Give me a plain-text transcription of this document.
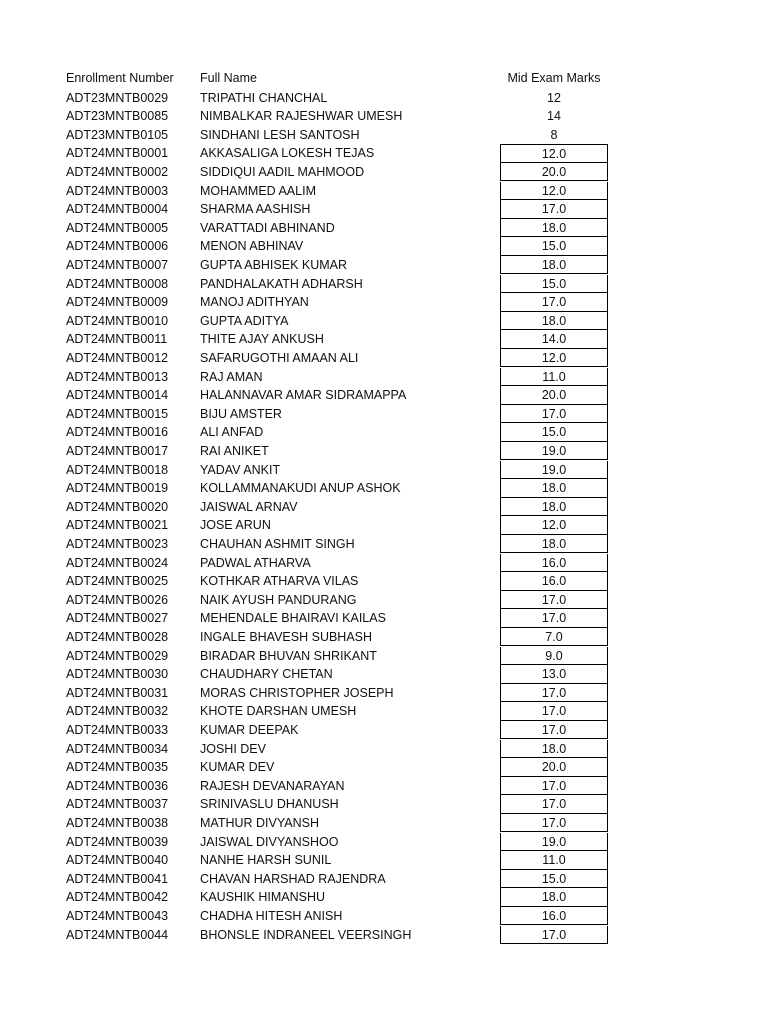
Enrollment Number	Full Name	Mid Exam Marks
ADT23MNTB0029	TRIPATHI CHANCHAL	12
ADT23MNTB0085	NIMBALKAR RAJESHWAR UMESH	14
ADT23MNTB0105	SINDHANI LESH SANTOSH	8
ADT24MNTB0001	AKKASALIGA LOKESH TEJAS	12.0
ADT24MNTB0002	SIDDIQUI AADIL MAHMOOD	20.0
ADT24MNTB0003	MOHAMMED AALIM	12.0
ADT24MNTB0004	SHARMA AASHISH	17.0
ADT24MNTB0005	VARATTADI ABHINAND	18.0
ADT24MNTB0006	MENON ABHINAV	15.0
ADT24MNTB0007	GUPTA ABHISEK KUMAR	18.0
ADT24MNTB0008	PANDHALAKATH ADHARSH	15.0
ADT24MNTB0009	MANOJ ADITHYAN	17.0
ADT24MNTB0010	GUPTA ADITYA	18.0
ADT24MNTB0011	THITE AJAY ANKUSH	14.0
ADT24MNTB0012	SAFARUGOTHI AMAAN ALI	12.0
ADT24MNTB0013	RAJ AMAN	11.0
ADT24MNTB0014	HALANNAVAR AMAR SIDRAMAPPA	20.0
ADT24MNTB0015	BIJU AMSTER	17.0
ADT24MNTB0016	ALI ANFAD	15.0
ADT24MNTB0017	RAI ANIKET	19.0
ADT24MNTB0018	YADAV ANKIT	19.0
ADT24MNTB0019	KOLLAMMANAKUDI ANUP ASHOK	18.0
ADT24MNTB0020	JAISWAL ARNAV	18.0
ADT24MNTB0021	JOSE ARUN	12.0
ADT24MNTB0023	CHAUHAN ASHMIT SINGH	18.0
ADT24MNTB0024	PADWAL ATHARVA	16.0
ADT24MNTB0025	KOTHKAR ATHARVA VILAS	16.0
ADT24MNTB0026	NAIK AYUSH PANDURANG	17.0
ADT24MNTB0027	MEHENDALE BHAIRAVI KAILAS	17.0
ADT24MNTB0028	INGALE BHAVESH SUBHASH	7.0
ADT24MNTB0029	BIRADAR BHUVAN SHRIKANT	9.0
ADT24MNTB0030	CHAUDHARY CHETAN	13.0
ADT24MNTB0031	MORAS CHRISTOPHER JOSEPH	17.0
ADT24MNTB0032	KHOTE DARSHAN UMESH	17.0
ADT24MNTB0033	KUMAR DEEPAK	17.0
ADT24MNTB0034	JOSHI DEV	18.0
ADT24MNTB0035	KUMAR DEV	20.0
ADT24MNTB0036	RAJESH DEVANARAYAN	17.0
ADT24MNTB0037	SRINIVASLU DHANUSH	17.0
ADT24MNTB0038	MATHUR DIVYANSH	17.0
ADT24MNTB0039	JAISWAL DIVYANSHOO	19.0
ADT24MNTB0040	NANHE HARSH SUNIL	11.0
ADT24MNTB0041	CHAVAN HARSHAD RAJENDRA	15.0
ADT24MNTB0042	KAUSHIK HIMANSHU	18.0
ADT24MNTB0043	CHADHA HITESH ANISH	16.0
ADT24MNTB0044	BHONSLE INDRANEEL VEERSINGH	17.0
